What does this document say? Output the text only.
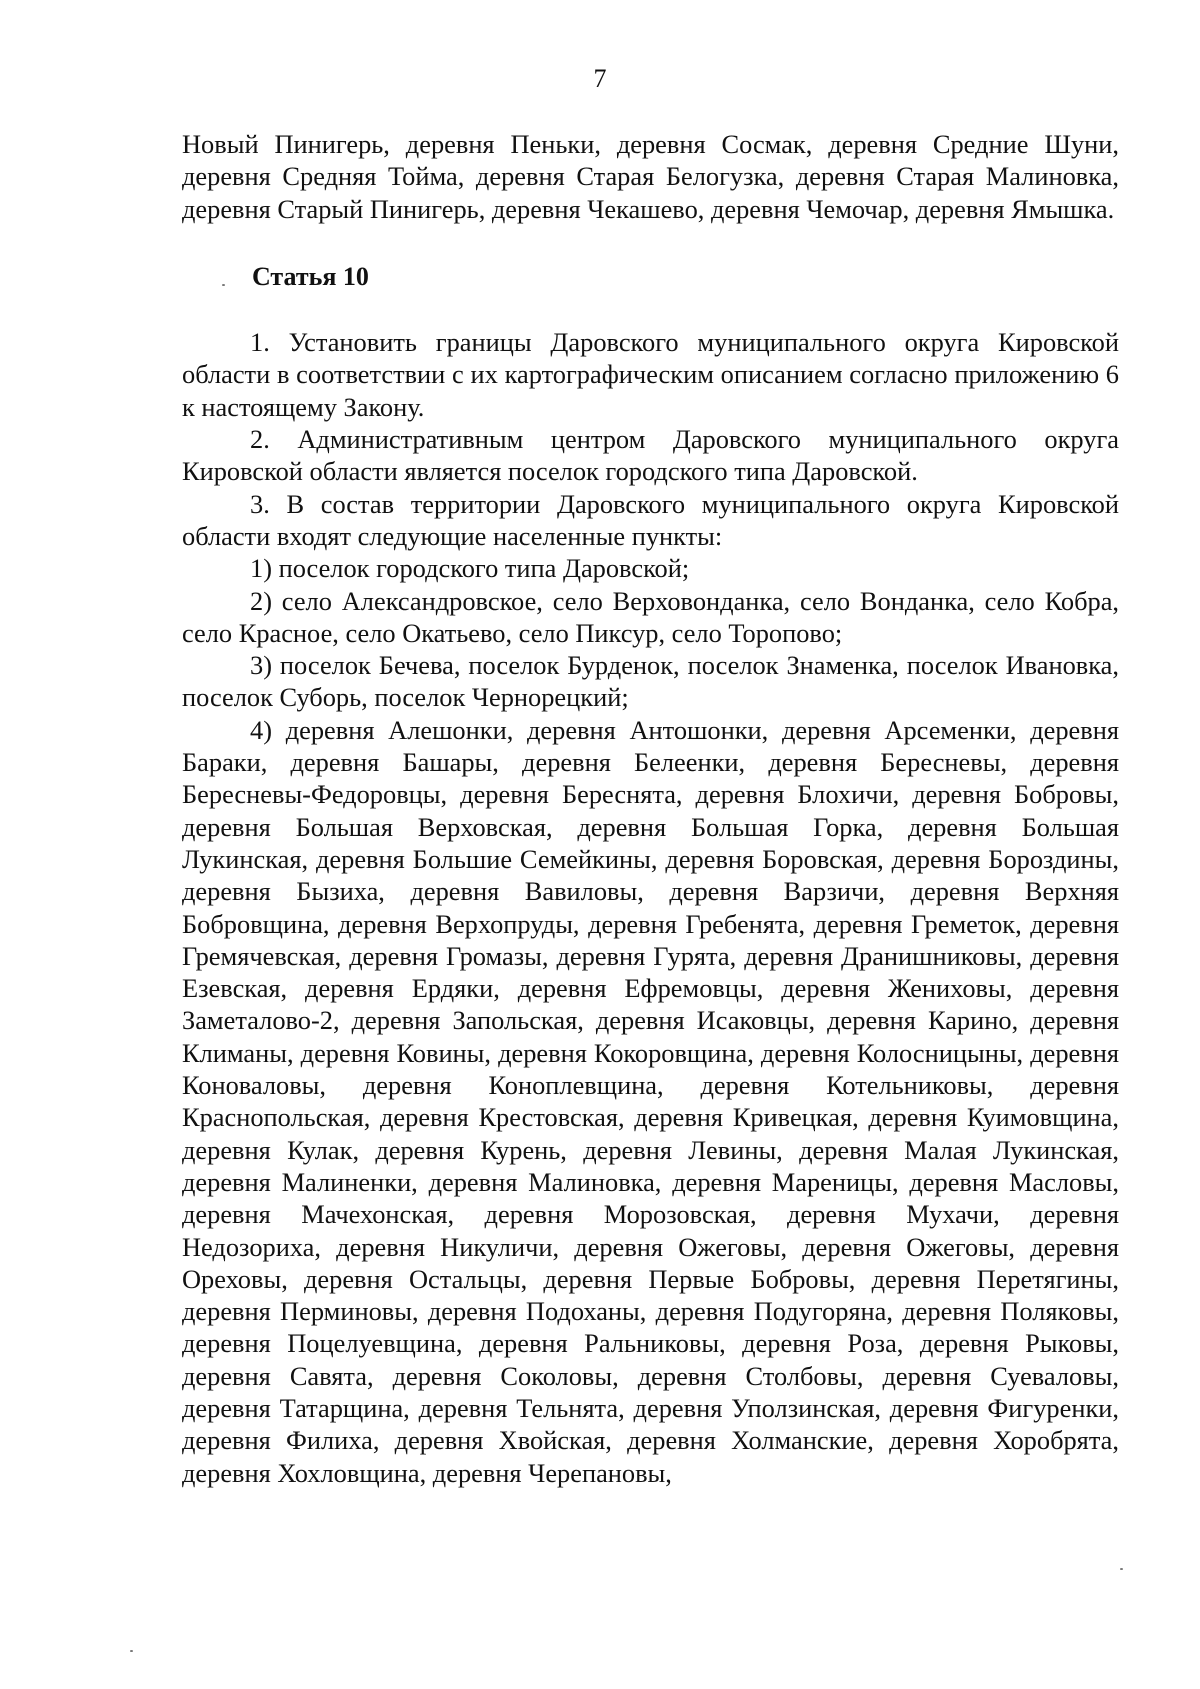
7

Новый Пинигерь, деревня Пеньки, деревня Сосмак, деревня Средние Шуни, деревня Средняя Тойма, деревня Старая Белогузка, деревня Старая Малиновка, деревня Старый Пинигерь, деревня Чекашево, деревня Чемочар, деревня Ямышка.

Статья 10

1. Установить границы Даровского муниципального округа Кировской области в соответствии с их картографическим описанием согласно приложению 6 к настоящему Закону.

2. Административным центром Даровского муниципального округа Кировской области является поселок городского типа Даровской.

3. В состав территории Даровского муниципального округа Кировской области входят следующие населенные пункты:

1) поселок городского типа Даровской;

2) село Александровское, село Верховонданка, село Вонданка, село Кобра, село Красное, село Окатьево, село Пиксур, село Торопово;

3) поселок Бечева, поселок Бурденок, поселок Знаменка, поселок Ивановка, поселок Суборь, поселок Чернорецкий;

4) деревня Алешонки, деревня Антошонки, деревня Арсеменки, деревня Бараки, деревня Башары, деревня Белеенки, деревня Бересневы, деревня Бересневы-Федоровцы, деревня Береснята, деревня Блохичи, деревня Бобровы, деревня Большая Верховская, деревня Большая Горка, деревня Большая Лукинская, деревня Большие Семейкины, деревня Боровская, деревня Бороздины, деревня Бызиха, деревня Вавиловы, деревня Варзичи, деревня Верхняя Бобровщина, деревня Верхопруды, деревня Гребенята, деревня Греметок, деревня Гремячевская, деревня Громазы, деревня Гурята, деревня Дранишниковы, деревня Езевская, деревня Ердяки, деревня Ефремовцы, деревня Жениховы, деревня Заметалово-2, деревня Запольская, деревня Исаковцы, деревня Карино, деревня Климаны, деревня Ковины, деревня Кокоровщина, деревня Колосницыны, деревня Коноваловы, деревня Коноплевщина, деревня Котельниковы, деревня Краснопольская, деревня Крестовская, деревня Кривецкая, деревня Куимовщина, деревня Кулак, деревня Курень, деревня Левины, деревня Малая Лукинская, деревня Малиненки, деревня Малиновка, деревня Мареницы, деревня Масловы, деревня Мачехонская, деревня Морозовская, деревня Мухачи, деревня Недозориха, деревня Никуличи, деревня Ожеговы, деревня Ожеговы, деревня Ореховы, деревня Остальцы, деревня Первые Бобровы, деревня Перетягины, деревня Перминовы, деревня Подоханы, деревня Подугоряна, деревня Поляковы, деревня Поцелуевщина, деревня Ральниковы, деревня Роза, деревня Рыковы, деревня Савята, деревня Соколовы, деревня Столбовы, деревня Суеваловы, деревня Татарщина, деревня Тельнята, деревня Уползинская, деревня Фигуренки, деревня Филиха, деревня Хвойская, деревня Холманские, деревня Хоробрята, деревня Хохловщина, деревня Черепановы,
